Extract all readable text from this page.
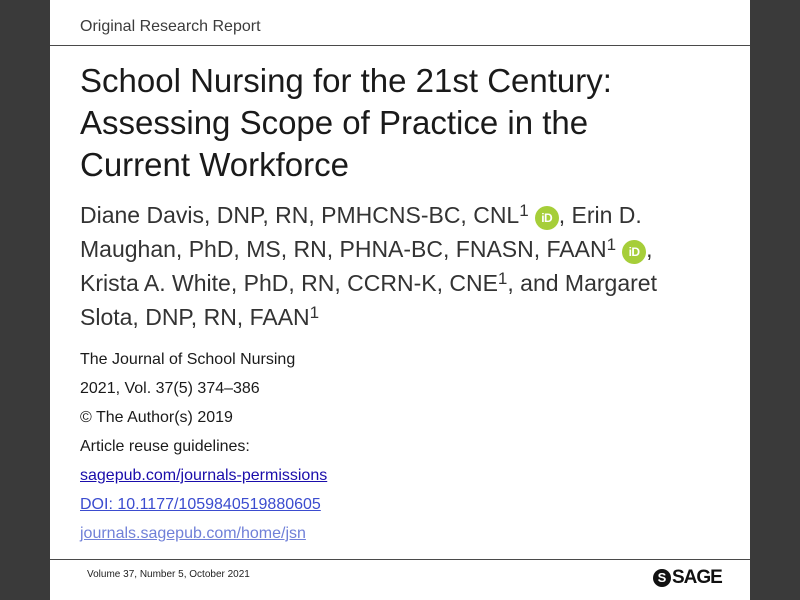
Original Research Report
School Nursing for the 21st Century:
Assessing Scope of Practice in the
Current Workforce
Diane Davis, DNP, RN, PMHCNS-BC, CNL$^1$ iD , Erin D.
Maughan, PhD, MS, RN, PHNA-BC, FNASN, FAAN$^1$ iD ,
Krista A. White, PhD, RN, CCRN-K, CNE$^1$, and Margaret
Slota, DNP, RN, FAAN$^1$
The Journal of School Nursing
2021, Vol. 37(5) 374–386
© The Author(s) 2019
Article reuse guidelines:
sagepub.com/journals-permissions
DOI: 10.1177/1059840519880605
journals.sagepub.com/home/jsn
Volume 37, Number 5, October 2021	S SAGE
